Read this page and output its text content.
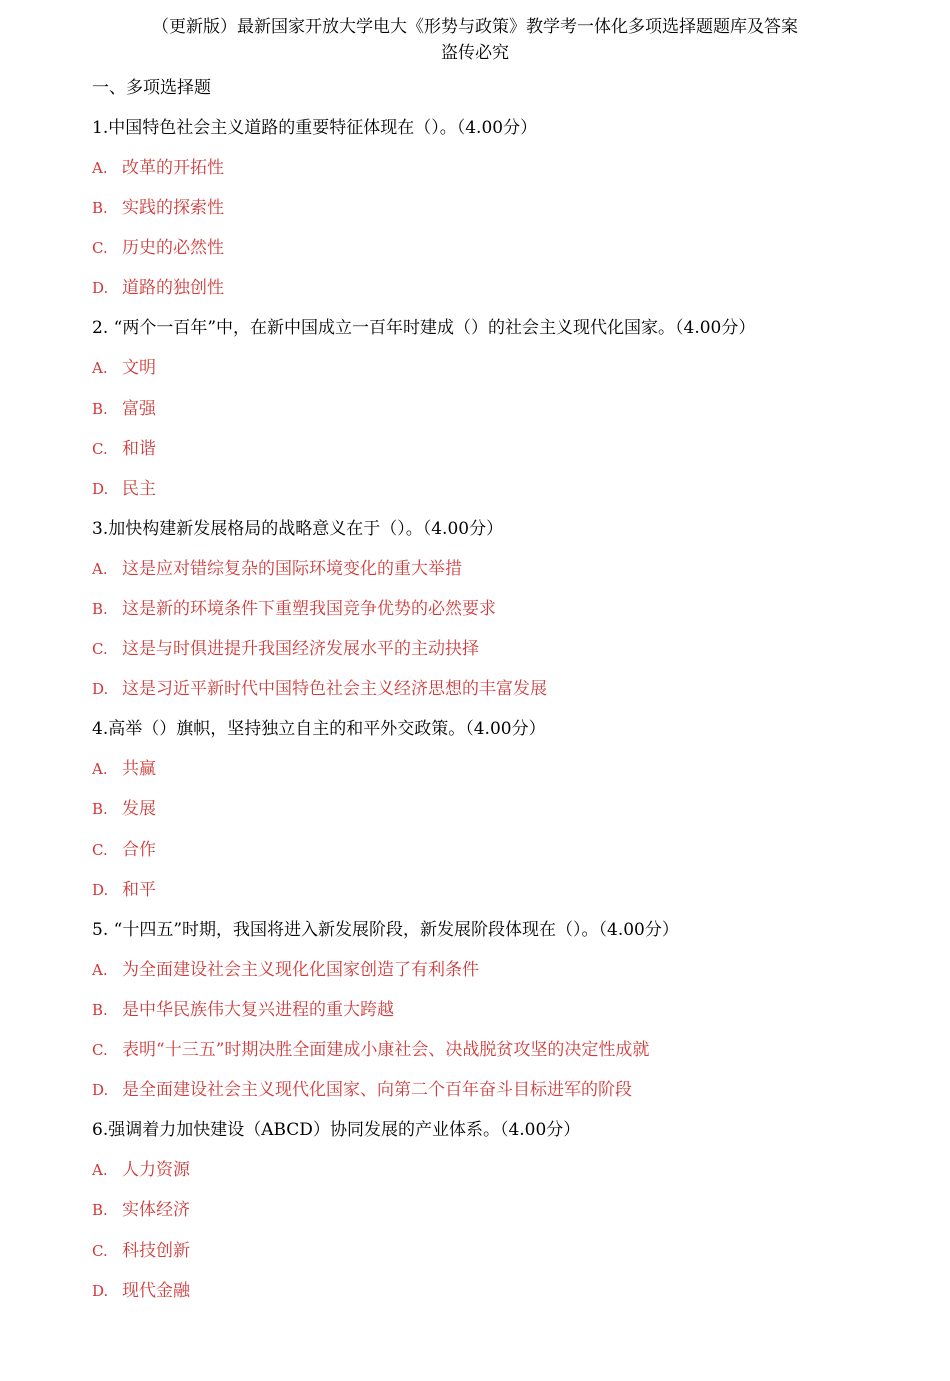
（更新版）最新国家开放大学电大《形势与政策》教学考一体化多项选择题题库及答案
盗传必究
一、多项选择题
1.中国特色社会主义道路的重要特征体现在（）。（4.00分）
A. 改革的开拓性
B. 实践的探索性
C. 历史的必然性
D. 道路的独创性
2. “两个一百年”中，在新中国成立一百年时建成（）的社会主义现代化国家。（4.00分）
A. 文明
B. 富强
C. 和谐
D. 民主
3.加快构建新发展格局的战略意义在于（）。（4.00分）
A. 这是应对错综复杂的国际环境变化的重大举措
B. 这是新的环境条件下重塑我国竞争优势的必然要求
C. 这是与时俱进提升我国经济发展水平的主动抉择
D. 这是习近平新时代中国特色社会主义经济思想的丰富发展
4.高举（）旗帜，坚持独立自主的和平外交政策。（4.00分）
A. 共赢
B. 发展
C. 合作
D. 和平
5. “十四五”时期，我国将进入新发展阶段，新发展阶段体现在（）。（4.00分）
A. 为全面建设社会主义现化化国家创造了有利条件
B. 是中华民族伟大复兴进程的重大跨越
C. 表明“十三五”时期决胜全面建成小康社会、决战脱贫攻坚的决定性成就
D. 是全面建设社会主义现代化国家、向第二个百年奋斗目标进军的阶段
6.强调着力加快建设（ABCD）协同发展的产业体系。（4.00分）
A. 人力资源
B. 实体经济
C. 科技创新
D. 现代金融
